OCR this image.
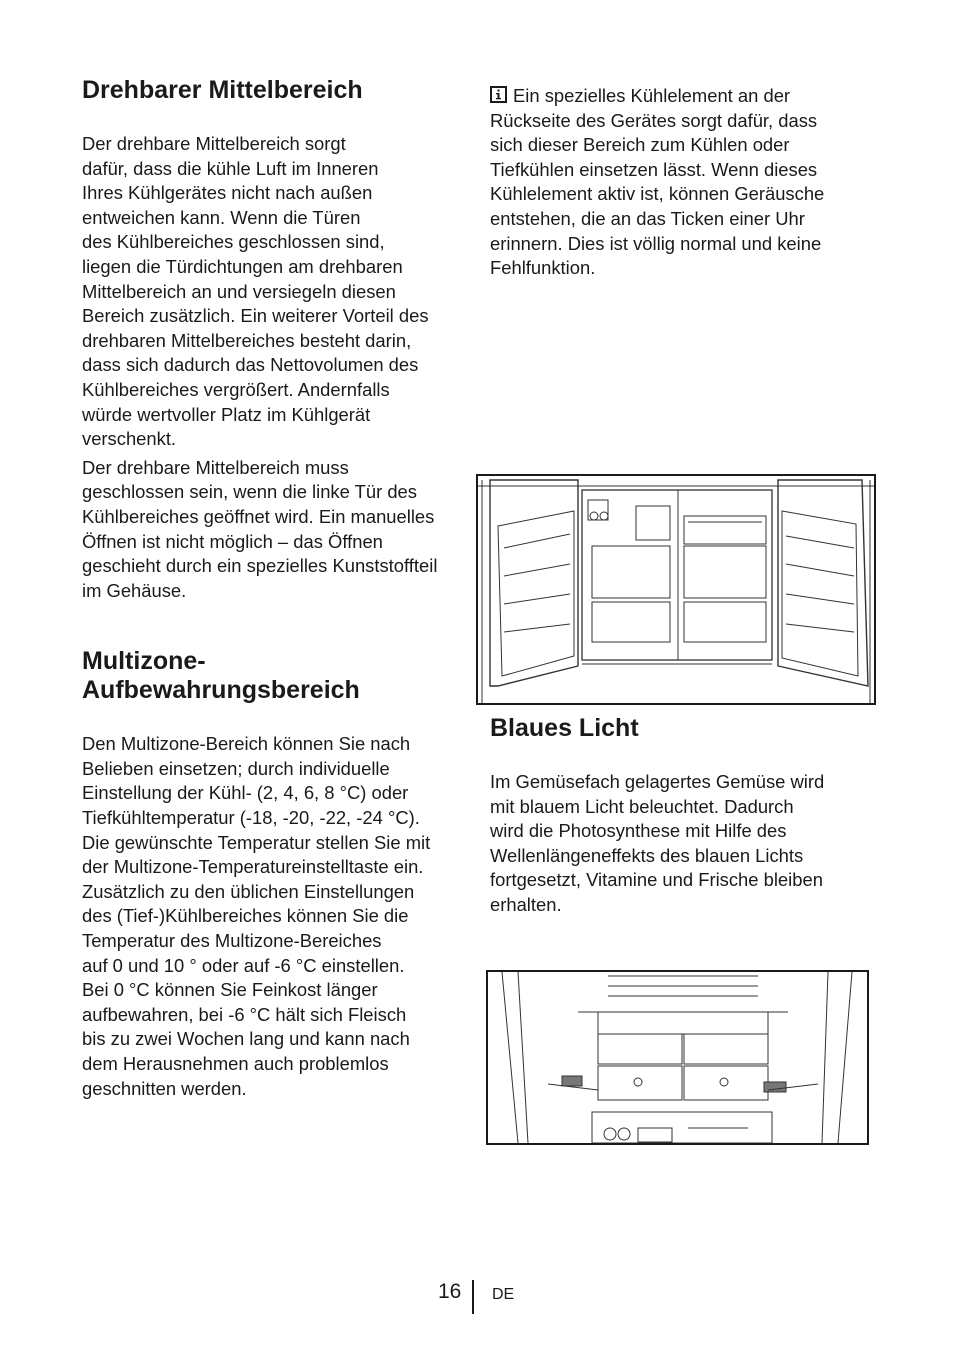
Drehbarer Mittelbereich

Der drehbare Mittelbereich sorgt
dafür, dass die kühle Luft im Inneren
Ihres Kühlgerätes nicht nach außen
entweichen kann. Wenn die Türen
des Kühlbereiches geschlossen sind,
liegen die Türdichtungen am drehbaren
Mittelbereich an und versiegeln diesen
Bereich zusätzlich. Ein weiterer Vorteil des
drehbaren Mittelbereiches besteht darin,
dass sich dadurch das Nettovolumen des
Kühlbereiches vergrößert. Andernfalls
würde wertvoller Platz im Kühlgerät
verschenkt.

Der drehbare Mittelbereich muss
geschlossen sein, wenn die linke Tür des
Kühlbereiches geöffnet wird. Ein manuelles
Öffnen ist nicht möglich – das Öffnen
geschieht durch ein spezielles Kunststoffteil
im Gehäuse.

Multizone-
Aufbewahrungsbereich

Den Multizone-Bereich können Sie nach
Belieben einsetzen; durch individuelle
Einstellung der Kühl- (2, 4, 6, 8 °C) oder
Tiefkühltemperatur (-18, -20, -22, -24 °C).
Die gewünschte Temperatur stellen Sie mit
der Multizone-Temperatureinstelltaste ein.
Zusätzlich zu den üblichen Einstellungen
des (Tief-)Kühlbereiches können Sie die
Temperatur des Multizone-Bereiches
auf 0 und 10 ° oder auf -6 °C einstellen.
Bei 0 °C können Sie Feinkost länger
aufbewahren, bei -6 °C hält sich Fleisch
bis zu zwei Wochen lang und kann nach
dem Herausnehmen auch problemlos
geschnitten werden.

Ein spezielles Kühlelement an der
Rückseite des Gerätes sorgt dafür, dass
sich dieser Bereich zum Kühlen oder
Tiefkühlen einsetzen lässt. Wenn dieses
Kühlelement aktiv ist, können Geräusche
entstehen, die an das Ticken einer Uhr
erinnern. Dies ist völlig normal und keine
Fehlfunktion.

Blaues Licht

Im Gemüsefach gelagertes Gemüse wird
mit blauem Licht beleuchtet. Dadurch
wird die Photosynthese mit Hilfe des
Wellenlängeneffekts des blauen Lichts
fortgesetzt, Vitamine und Frische bleiben
erhalten.

16 DE
